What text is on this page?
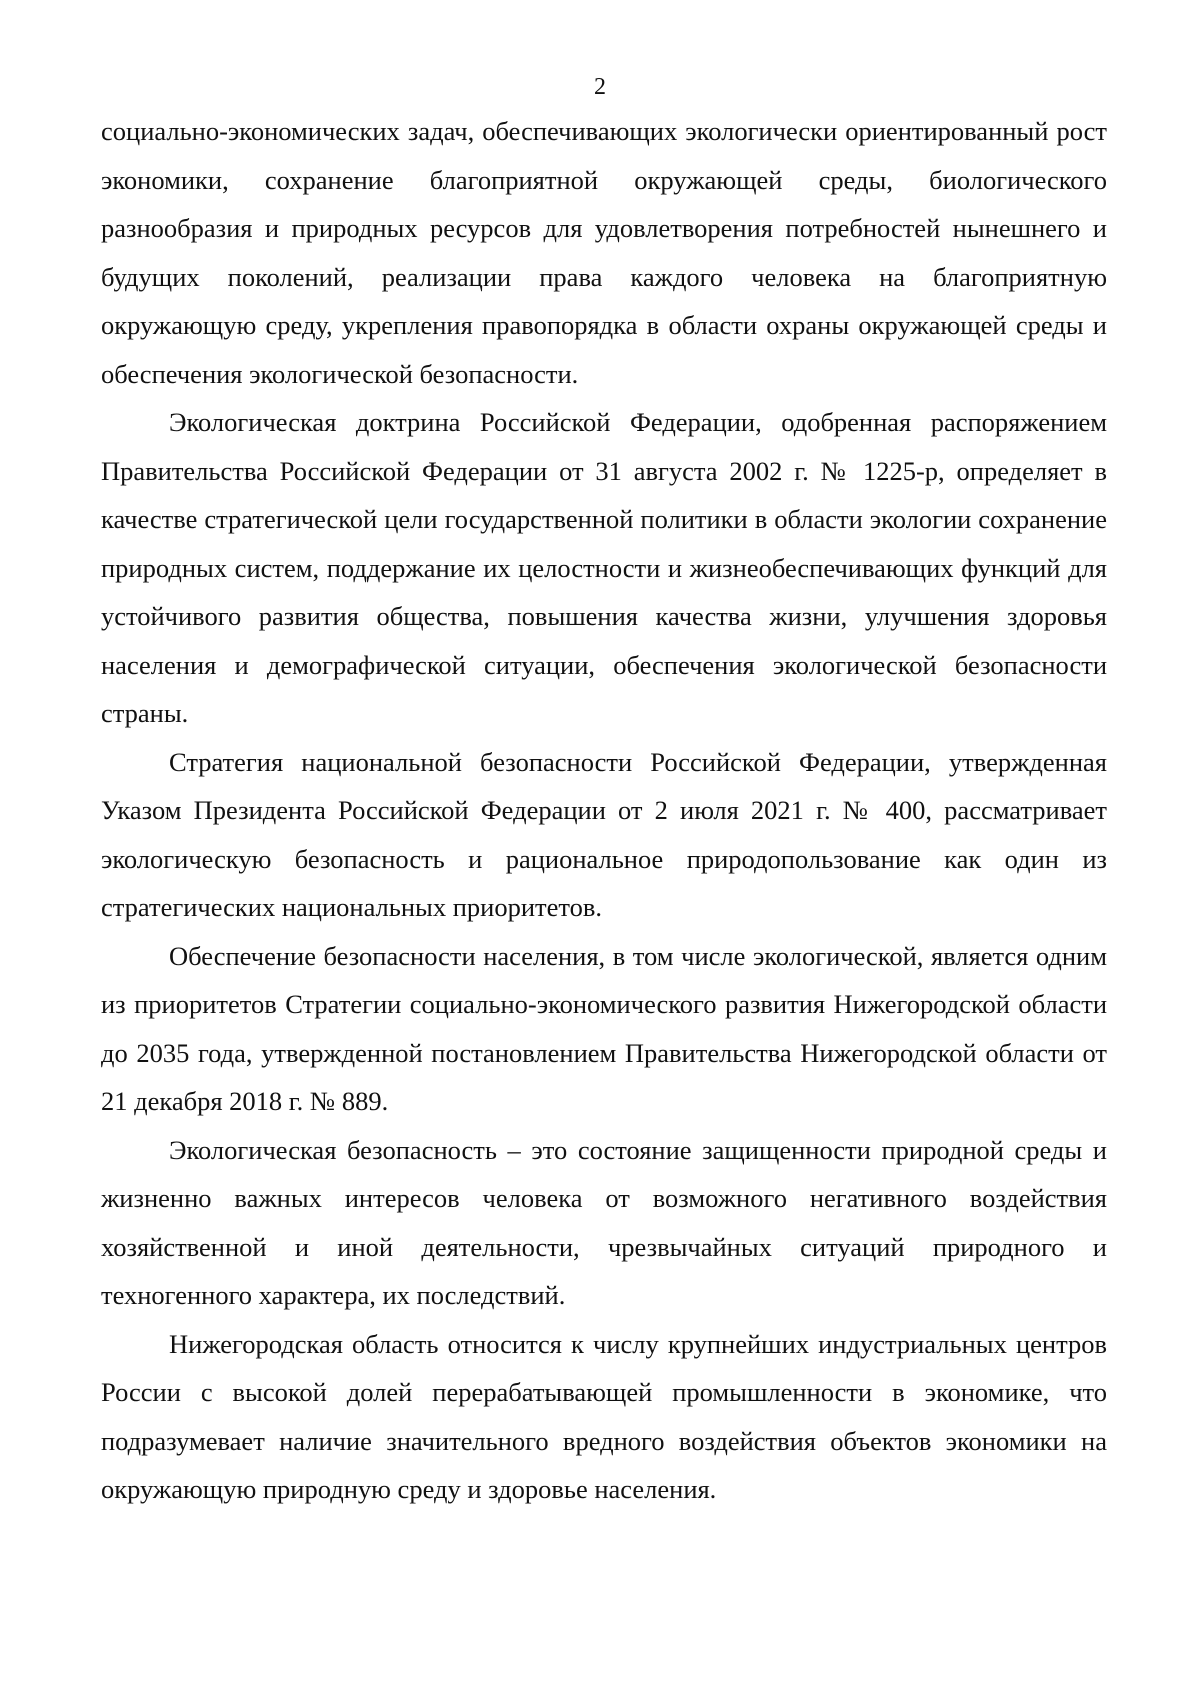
2

социально-экономических задач, обеспечивающих экологически ориентированный рост экономики, сохранение благоприятной окружающей среды, биологического разнообразия и природных ресурсов для удовлетворения потребностей нынешнего и будущих поколений, реализации права каждого человека на благоприятную окружающую среду, укрепления правопорядка в области охраны окружающей среды и обеспечения экологической безопасности.

Экологическая доктрина Российской Федерации, одобренная распоряжением Правительства Российской Федерации от 31 августа 2002 г. № 1225-р, определяет в качестве стратегической цели государственной политики в области экологии сохранение природных систем, поддержание их целостности и жизнеобеспечивающих функций для устойчивого развития общества, повышения качества жизни, улучшения здоровья населения и демографической ситуации, обеспечения экологической безопасности страны.

Стратегия национальной безопасности Российской Федерации, утвержденная Указом Президента Российской Федерации от 2 июля 2021 г. № 400, рассматривает экологическую безопасность и рациональное природопользование как один из стратегических национальных приоритетов.

Обеспечение безопасности населения, в том числе экологической, является одним из приоритетов Стратегии социально-экономического развития Нижегородской области до 2035 года, утвержденной постановлением Правительства Нижегородской области от 21 декабря 2018 г. № 889.

Экологическая безопасность – это состояние защищенности природной среды и жизненно важных интересов человека от возможного негативного воздействия хозяйственной и иной деятельности, чрезвычайных ситуаций природного и техногенного характера, их последствий.

Нижегородская область относится к числу крупнейших индустриальных центров России с высокой долей перерабатывающей промышленности в экономике, что подразумевает наличие значительного вредного воздействия объектов экономики на окружающую природную среду и здоровье населения.
